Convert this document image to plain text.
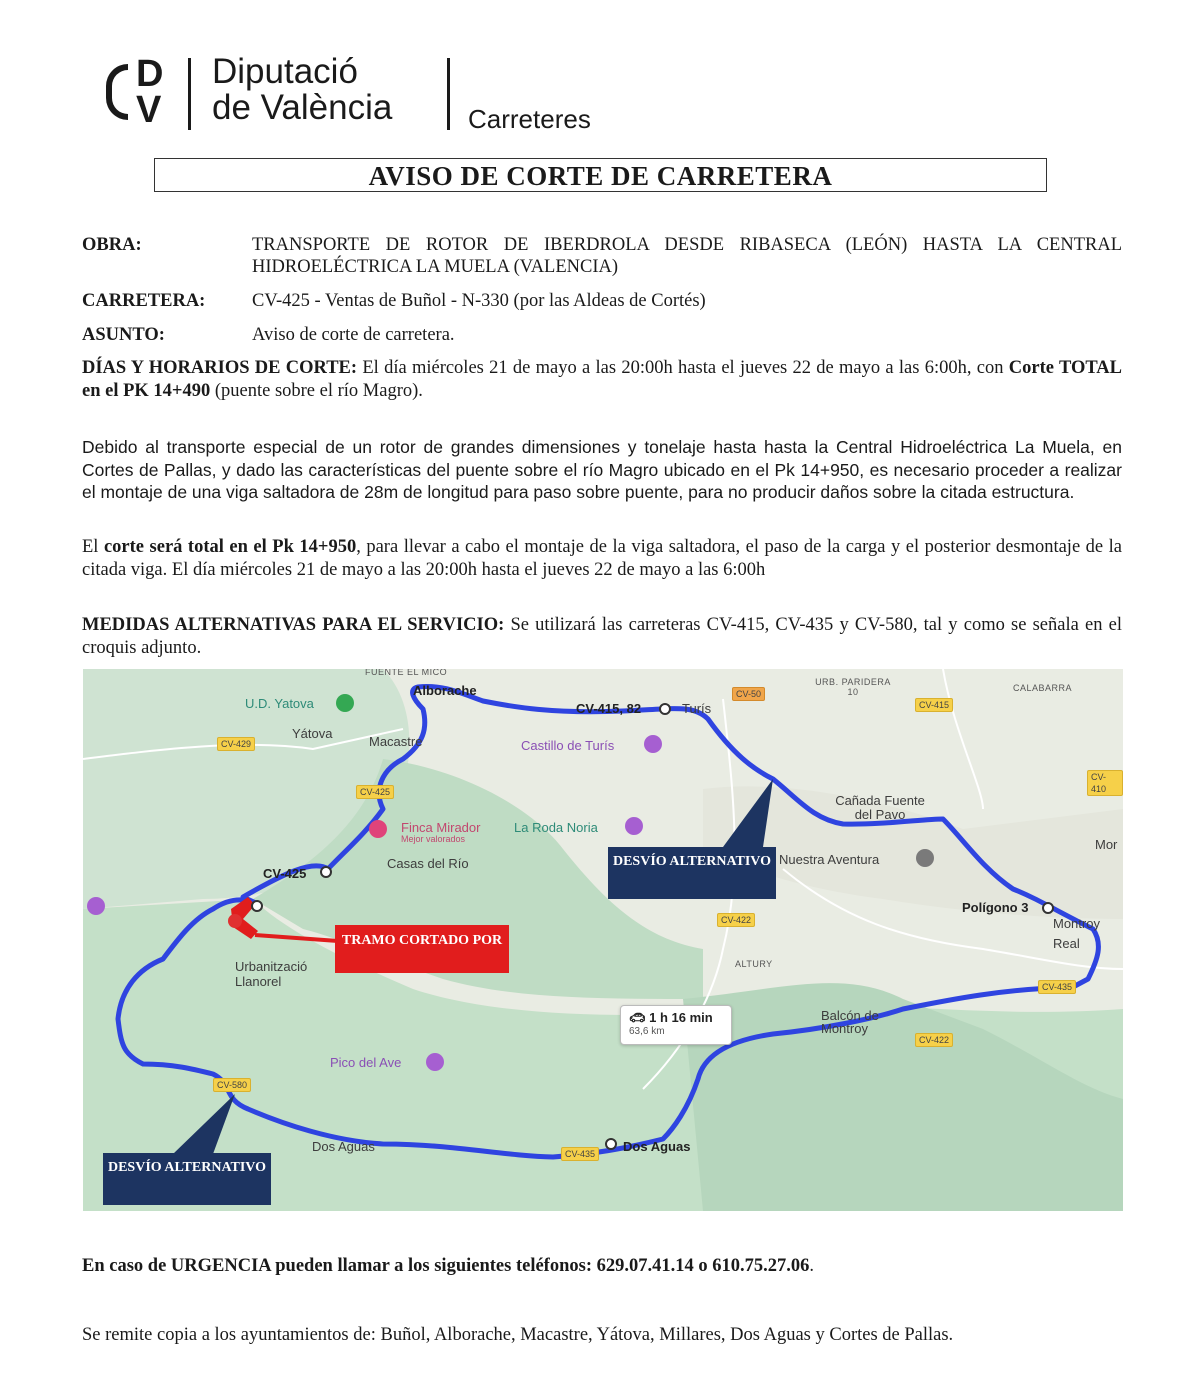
D
V
Diputació
de València	Carreteres
AVISO DE CORTE DE CARRETERA
OBRA:	TRANSPORTE DE ROTOR DE IBERDROLA DESDE RIBASECA (LEÓN) HASTA LA CENTRAL HIDROELÉCTRICA LA MUELA (VALENCIA)
CARRETERA:	CV-425 - Ventas de Buñol - N-330 (por las Aldeas de Cortés)
ASUNTO:	Aviso de corte de carretera.
DÍAS Y HORARIOS DE CORTE: El día miércoles 21 de mayo a las 20:00h hasta el jueves 22 de mayo a las 6:00h, con Corte TOTAL en el PK 14+490 (puente sobre el río Magro).
Debido al transporte especial de un rotor de grandes dimensiones y tonelaje hasta hasta la Central Hidroeléctrica La Muela, en Cortes de Pallas, y dado las características del puente sobre el río Magro ubicado en el Pk 14+950, es necesario proceder a realizar el montaje de una viga saltadora de 28m de longitud para paso sobre puente, para no producir daños sobre la citada estructura.
El corte será total en el Pk 14+950, para llevar a cabo el montaje de la viga saltadora, el paso de la carga y el posterior desmontaje de la citada viga. El día miércoles 21 de mayo a las 20:00h hasta el jueves 22 de mayo a las 6:00h
MEDIDAS ALTERNATIVAS PARA EL SERVICIO: Se utilizará las carreteras CV-415, CV-435 y CV-580, tal y como se señala en el croquis adjunto.
FUENTE EL MICO
Alborache
U.D. Yatova
Yátova
Macastre
CV-415, 82	Turís
Castillo de Turís
URB. PARIDERA 10	CALABARRA
Finca Mirador
Mejor valorados
La Roda Noria
Casas del Río
CV-425
Cañada Fuente del Pavo
Nuestra Aventura
Mor
Polígono 3
Montroy Real
Urbanització Llanorel
ALTURY
Balcón de Montroy
Pico del Ave
Dos Aguas	Dos Aguas
CV-429
CV-425
CV-50
CV-415
CV-410
CV-422
CV-435
CV-422
CV-580
CV-435
🚗︎ 1 h 16 min
63,6 km
DESVÍO ALTERNATIVO
DESVÍO ALTERNATIVO
TRAMO CORTADO POR
En caso de URGENCIA pueden llamar a los siguientes teléfonos: 629.07.41.14 o 610.75.27.06.
Se remite copia a los ayuntamientos de: Buñol, Alborache, Macastre, Yátova, Millares, Dos Aguas y Cortes de Pallas.
